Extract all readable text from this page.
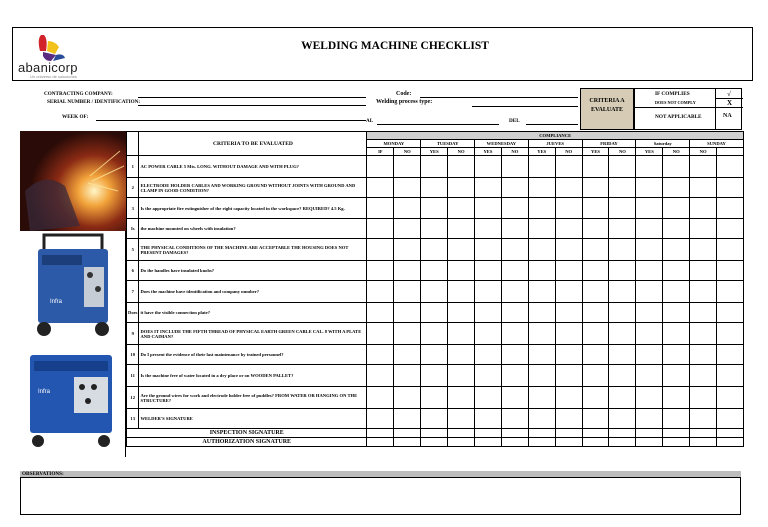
abanicorp
Un universo de soluciones
WELDING MACHINE CHECKLIST
CONTRACTING COMPANY:
SERIAL NUMBER / IDENTIFICATION:
WEEK OF:
Code:
Welding process type:
AL	DEL
CRITERIA A
EVALUATE
IF COMPLIES	√
DOES NOT COMPLY	X
NOT APPLICABLE	NA
Infra
Infra
	CRITERIA TO BE EVALUATED	COMPLIANCE													
		MONDAY		TUESDAY		WEDNESDAY		JUEVES		FRIDAY		Saturday		SUNDAY	
		IF	NO	YES	NO	YES	NO	YES	NO	YES	NO	YES	NO	NO	
1	AC POWER CABLE 5 Mts. LONG. WITHOUT DAMAGE AND WITH PLUG?														
2	ELECTRODE HOLDER CABLES AND WORKING GROUND WITHOUT JOINTS WITH GROUND AND CLAMP IN GOOD CONDITION?														
3	Is the appropriate fire extinguisher of the right capacity located in the workspace? REQUIRED? 4.5 Kg.														
Is	the machine mounted on wheels with insulation?														
5	THE PHYSICAL CONDITIONS OF THE MACHINE ARE ACCEPTABLE THE HOUSING DOES NOT PRESENT DAMAGES?														
6	Do the handles have insulated knobs?														
7	Does the machine have identification and company number?														
Does	it have the visible connection plate?														
9	DOES IT INCLUDE THE FIFTH THREAD OF PHYSICAL EARTH GREEN CABLE CAL. 8 WITH A PLATE AND CAIMAN?														
10	Do I present the evidence of their last maintenance by trained personnel?														
11	Is the machine free of water located in a dry place or on WOODEN PALLET?														
12	Are the ground wires for work and electrode holder free of puddles? FROM WATER OR HANGING ON THE STRUCTURE?														
13	WELDER'S SIGNATURE														
INSPECTION SIGNATURE															
AUTHORIZATION SIGNATURE															
OBSERVATIONS:
